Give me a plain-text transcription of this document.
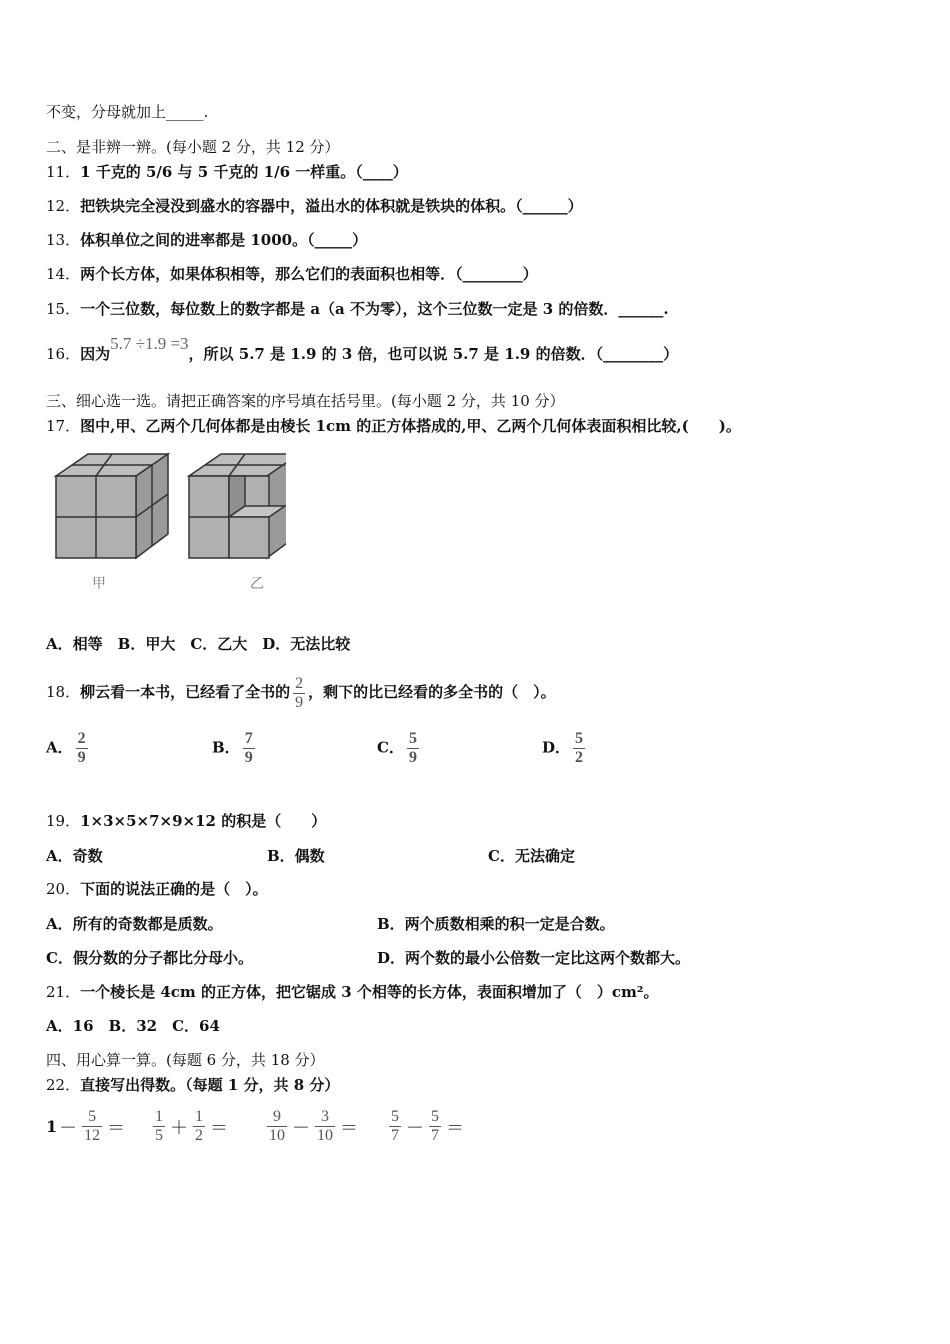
不变，分母就加上_____.
二、是非辨一辨。(每小题 2 分，共 12 分）
11．1 千克的 5/6 与 5 千克的 1/6 一样重。（____）
12．把铁块完全浸没到盛水的容器中，溢出水的体积就是铁块的体积。（______）
13．体积单位之间的进率都是 1000。（_____）
14．两个长方体，如果体积相等，那么它们的表面积也相等．（________）
15．一个三位数，每位数上的数字都是 a（a 不为零），这个三位数一定是 3 的倍数．______.
16．因为5.7 ÷1.9 =3，所以 5.7 是 1.9 的 3 倍，也可以说 5.7 是 1.9 的倍数．（________）
三、细心选一选。请把正确答案的序号填在括号里。(每小题 2 分，共 10 分）
17．图中,甲、乙两个几何体都是由棱长 1cm 的正方体搭成的,甲、乙两个几何体表面积相比较,(　　)。
甲	乙
A．相等　B．甲大　C．乙大　D．无法比较
18．柳云看一本书，已经看了全书的 $\frac{2}{9}$ ，剩下的比已经看的多全书的（　）。
A． $\frac{2}{9}$	B． $\frac{7}{9}$	C． $\frac{5}{9}$	D． $\frac{5}{2}$
19．1×3×5×7×9×12 的积是（　　）
A．奇数	B．偶数	C．无法确定
20．下面的说法正确的是（　）。
A．所有的奇数都是质数。	B．两个质数相乘的积一定是合数。
C．假分数的分子都比分母小。	D．两个数的最小公倍数一定比这两个数都大。
21．一个棱长是 4cm 的正方体，把它锯成 3 个相等的长方体，表面积增加了（　）cm²。
A．16　B．32　C．64
四、用心算一算。(每题 6 分，共 18 分）
22．直接写出得数。（每题 1 分，共 8 分）
$1 - \frac{5}{12} = \frac{1}{5} + \frac{1}{2} = \frac{9}{10} - \frac{3}{10} = \frac{5}{7} - \frac{5}{7}$ ＝
